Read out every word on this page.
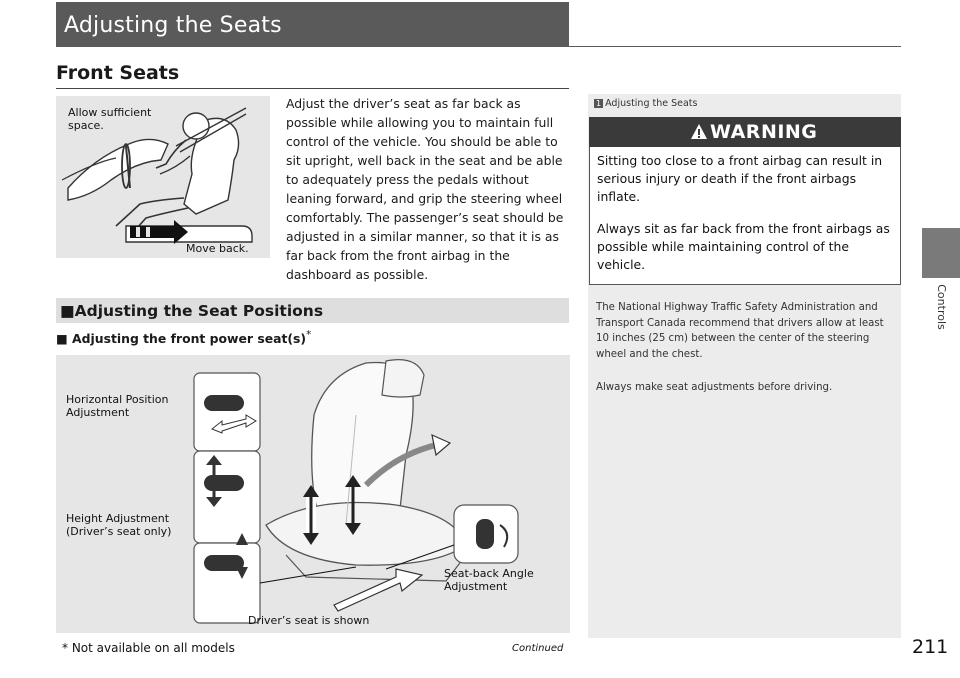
Adjusting the Seats
Controls
Front Seats
Allow sufficient space.
Move back.
Adjust the driver’s seat as far back as possible while allowing you to maintain full control of the vehicle. You should be able to sit upright, well back in the seat and be able to adequately press the pedals without leaning forward, and grip the steering wheel comfortably. The passenger’s seat should be adjusted in a similar manner, so that it is as far back from the front airbag in the dashboard as possible.
■Adjusting the Seat Positions
■ Adjusting the front power seat(s)*
Horizontal Position Adjustment
Height Adjustment (Driver’s seat only)
Seat-back Angle Adjustment
Driver’s seat is shown
1 Adjusting the Seats
WARNING
Sitting too close to a front airbag can result in serious injury or death if the front airbags inflate.
Always sit as far back from the front airbags as possible while maintaining control of the vehicle.
The National Highway Traffic Safety Administration and Transport Canada recommend that drivers allow at least 10 inches (25 cm) between the center of the steering wheel and the chest.
Always make seat adjustments before driving.
* Not available on all models	Continued	211
